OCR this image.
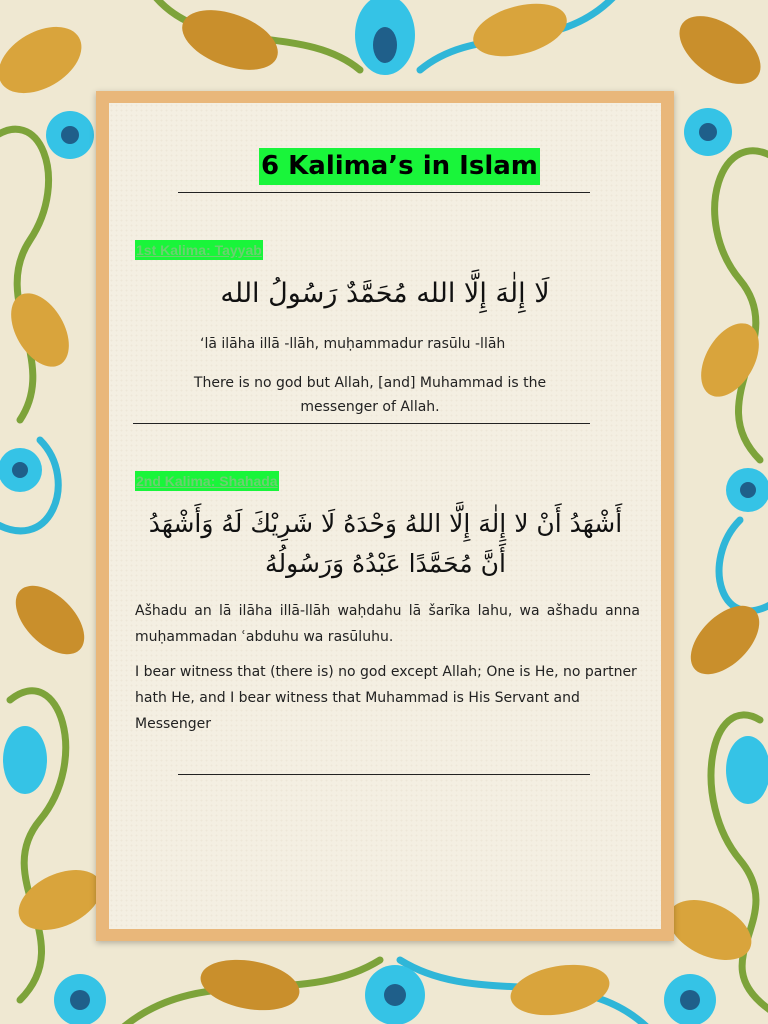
6 Kalima’s in Islam
1st Kalima: Tayyab
لَا إِلٰهَ إِلَّا الله مُحَمَّدٌ رَسُولُ الله
‘lā ilāha illā -llāh, muḥammadur rasūlu -llāh
There is no god but Allah, [and] Muhammad is the messenger of Allah.
2nd Kalima: Shahada
أَشْهَدُ أَنْ لا إِلٰهَ إِلَّا اللهُ وَحْدَهُ لَا شَرِيْكَ لَهُ وَأَشْهَدُ أَنَّ مُحَمَّدًا عَبْدُهُ وَرَسُولُهُ
Ašhadu an lā ilāha illā-llāh waḥdahu lā šarīka lahu, wa ašhadu anna muḥammadan ʿabduhu wa rasūluhu.
I bear witness that (there is) no god except Allah; One is He, no partner hath He, and I bear witness that Muhammad is His Servant and Messenger
